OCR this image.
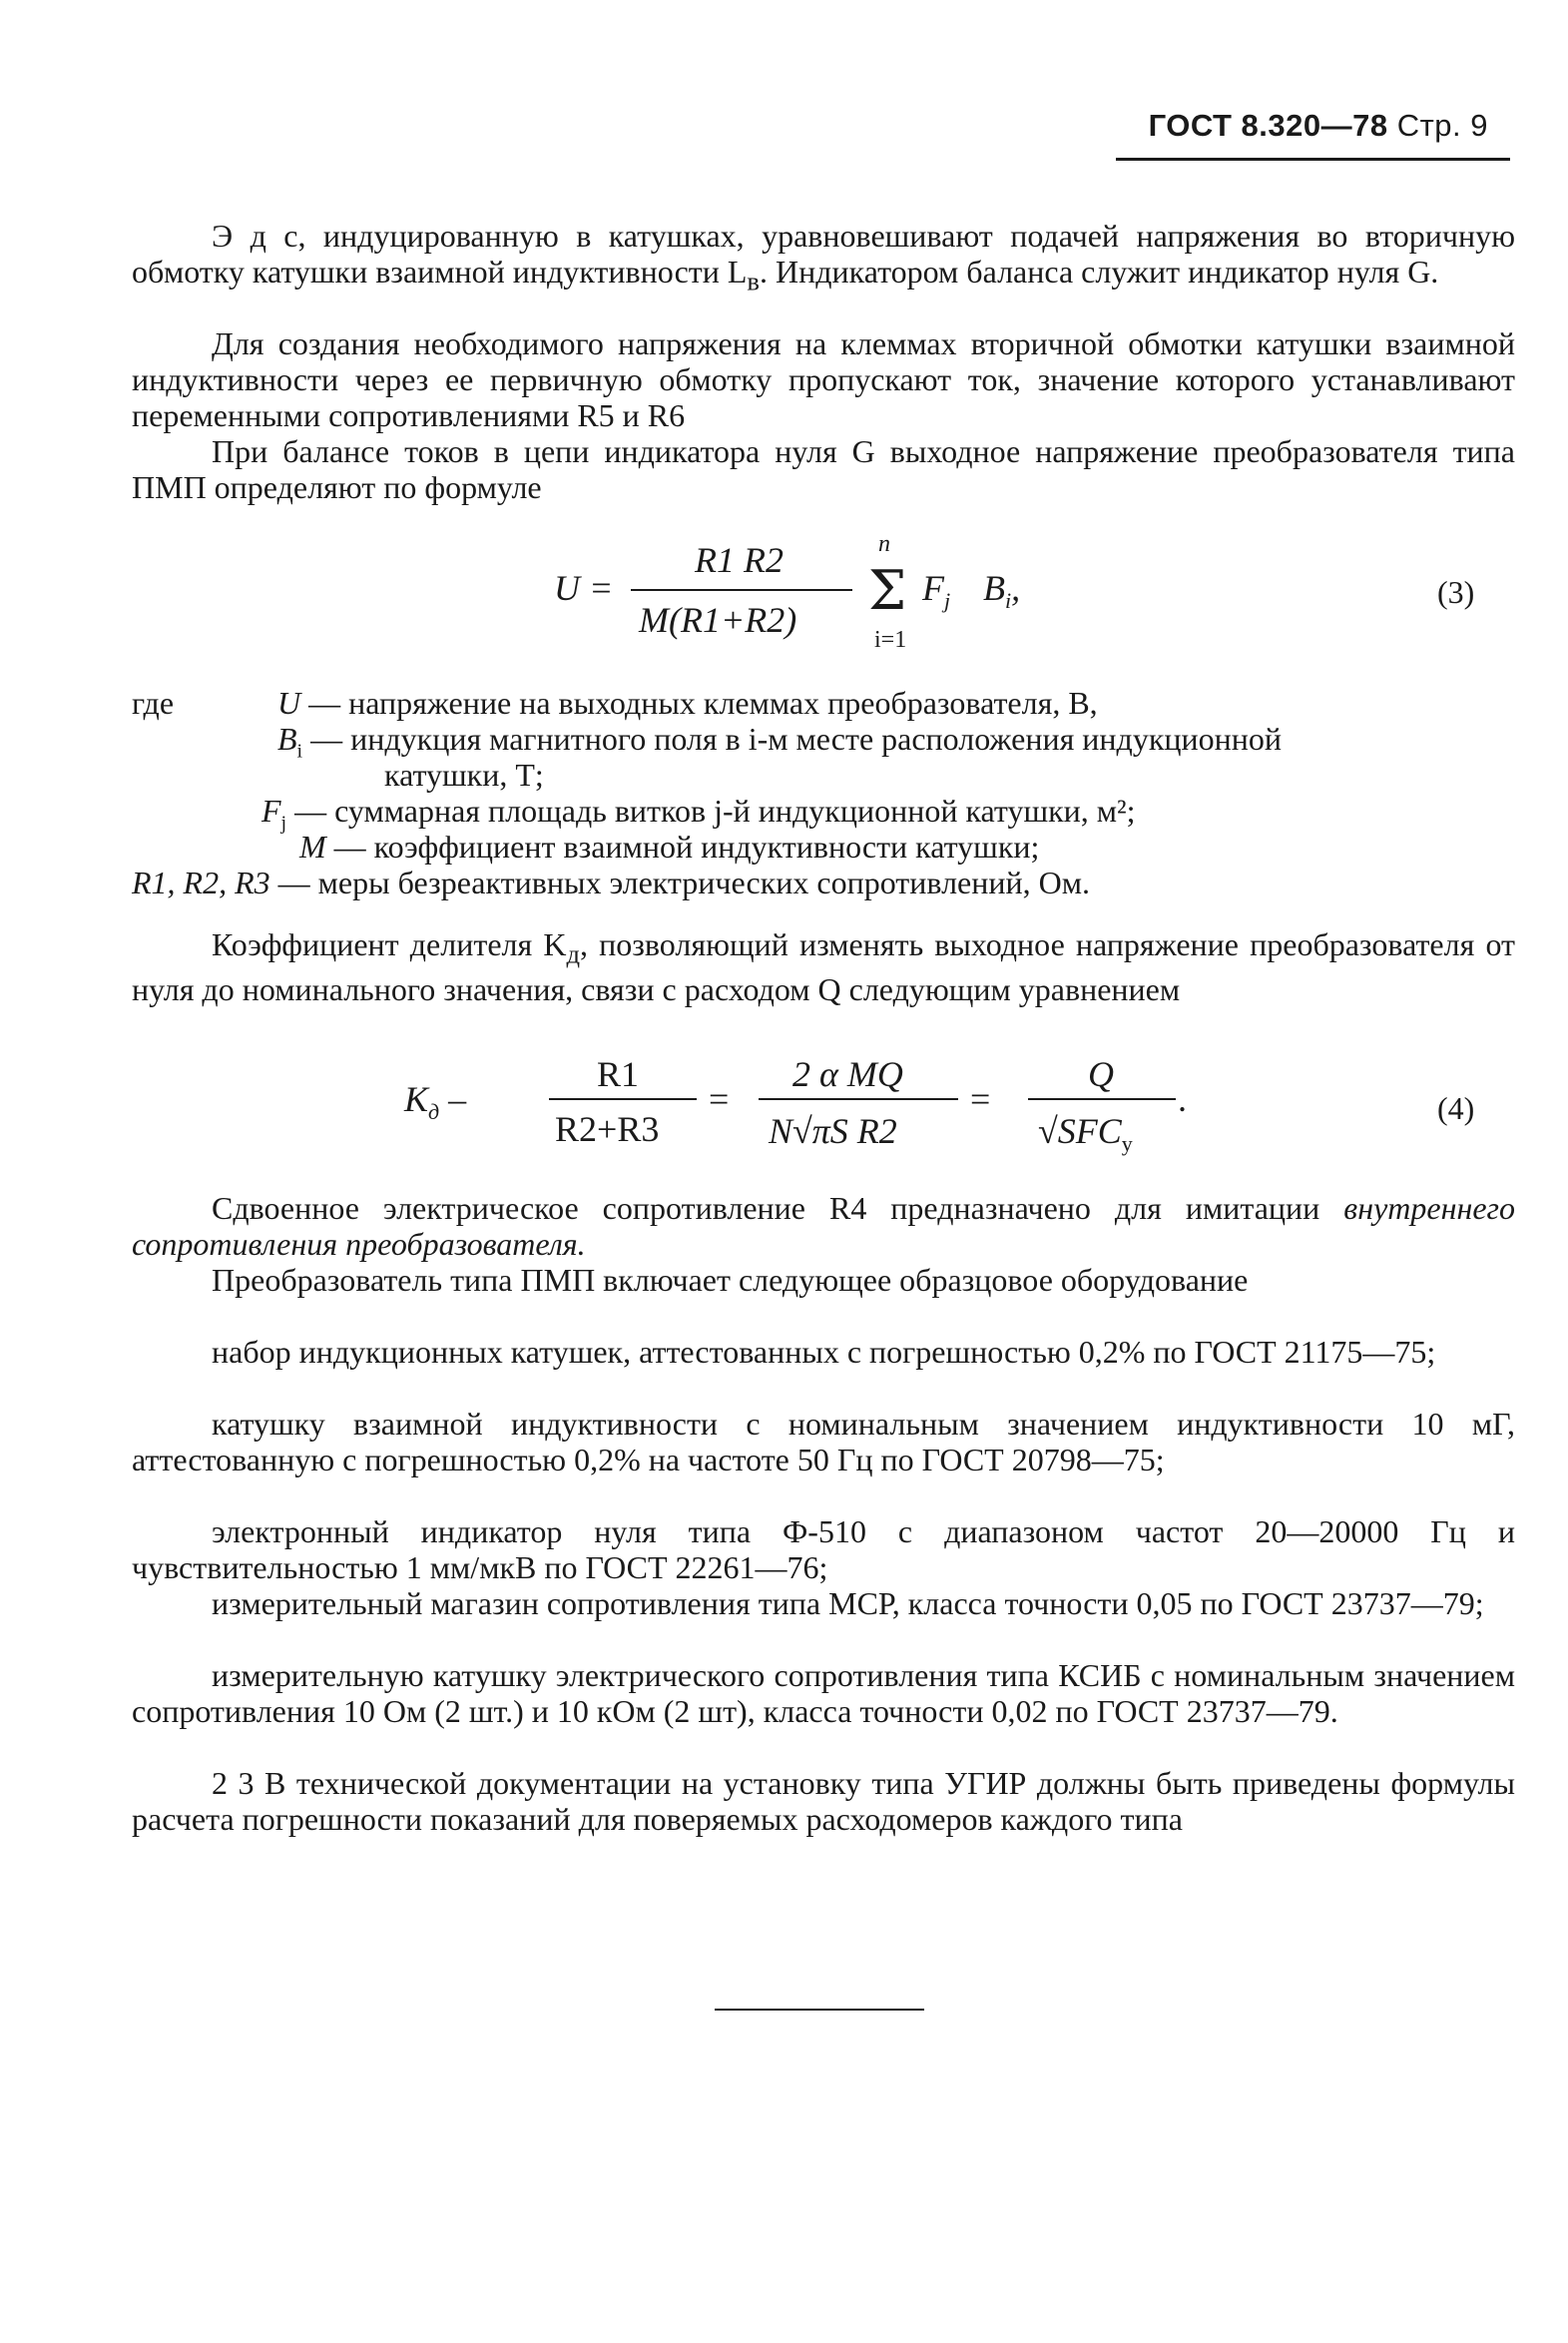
ГОСТ 8.320—78 Стр. 9
Э д с, индуцированную в катушках, уравновешивают подачей напряжения во вторичную обмотку катушки взаимной индуктивности $L_в$. Индикатором баланса служит индикатор нуля G.
Для создания необходимого напряжения на клеммах вторичной обмотки катушки взаимной индуктивности через ее первичную обмотку пропускают ток, значение которого устанавливают переменными сопротивлениями R5 и R6
При балансе токов в цепи индикатора нуля G выходное напряжение преобразователя типа ПМП определяют по формуле
U =
R1 R2
M(R1+R2)
n
Σ
i=1
$F_j$ $B_i$,	(3)
где	U — напряжение на выходных клеммах преобразователя, В,
$B_i$ — индукция магнитного поля в i-м месте расположения индукционной
катушки, Т;
$F_j$ — суммарная площадь витков j-й индукционной катушки, м²;
M — коэффициент взаимной индуктивности катушки;
R1, R2, R3 — меры безреактивных электрических сопротивлений, Ом.
Коэффициент делителя $K_д$, позволяющий изменять выходное напряжение преобразователя от нуля до номинального значения, связи с расходом Q следующим уравнением
$K_д$ –
R1
R2+R3
=
2 α MQ
N√πS R2
=
Q
$√SFC_у$
.	(4)
Сдвоенное электрическое сопротивление R4 предназначено для имитации внутреннего сопротивления преобразователя.
Преобразователь типа ПМП включает следующее образцовое оборудование
набор индукционных катушек, аттестованных с погрешностью 0,2% по ГОСТ 21175—75;
катушку взаимной индуктивности с номинальным значением индуктивности 10 мГ, аттестованную с погрешностью 0,2% на частоте 50 Гц по ГОСТ 20798—75;
электронный индикатор нуля типа Ф-510 с диапазоном частот 20—20000 Гц и чувствительностью 1 мм/мкВ по ГОСТ 22261—76;
измерительный магазин сопротивления типа МСР, класса точности 0,05 по ГОСТ 23737—79;
измерительную катушку электрического сопротивления типа КСИБ с номинальным значением сопротивления 10 Ом (2 шт.) и 10 кОм (2 шт), класса точности 0,02 по ГОСТ 23737—79.
2 3 В технической документации на установку типа УГИР должны быть приведены формулы расчета погрешности показаний для поверяемых расходомеров каждого типа
